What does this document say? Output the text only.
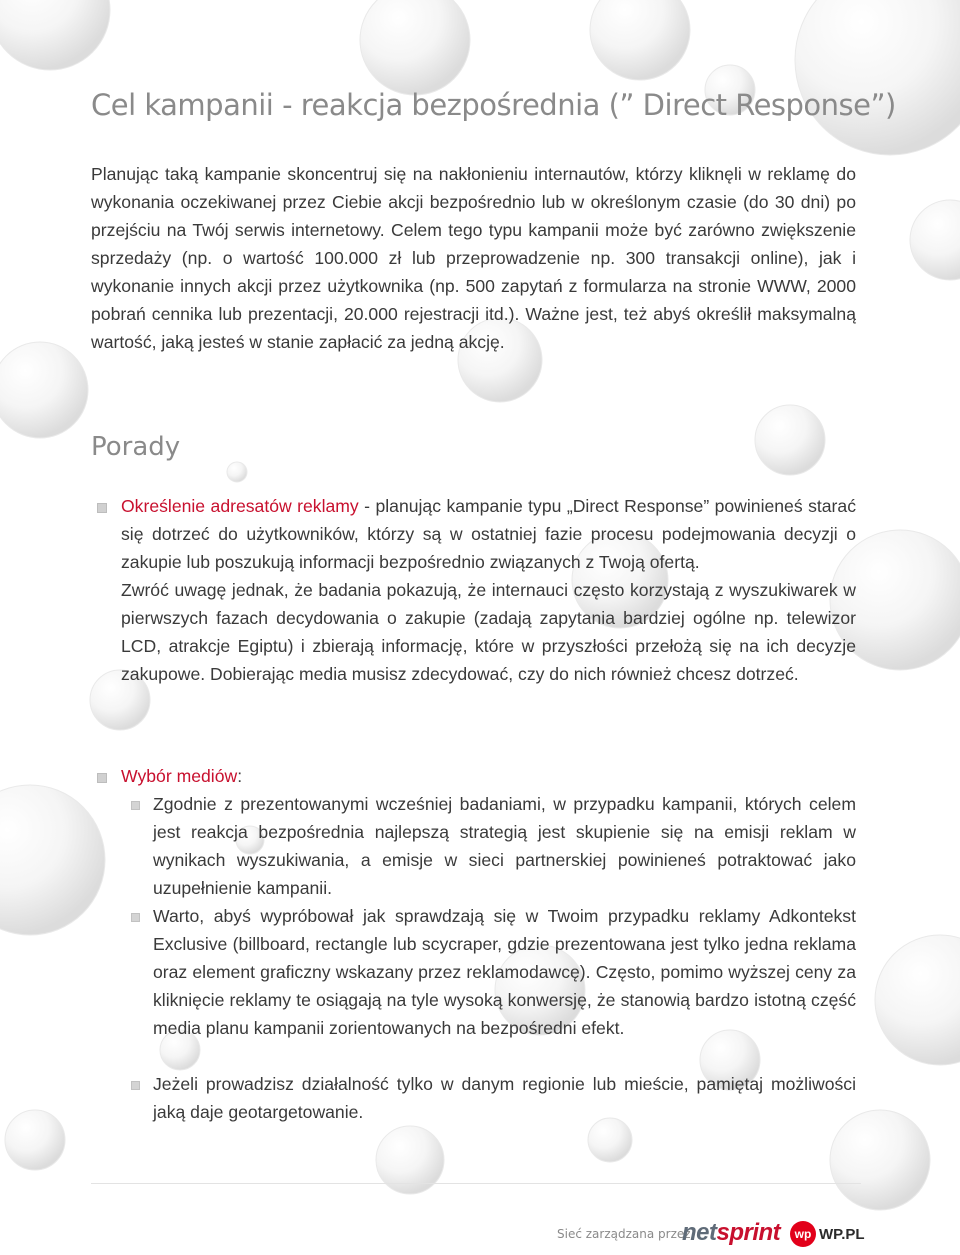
Cel kampanii - reakcja bezpośrednia (” Direct Response”)

Planując taką kampanie skoncentruj się na nakłonieniu internautów, którzy kliknęli w reklamę do wykonania oczekiwanej przez Ciebie akcji bezpośrednio lub w określonym czasie (do 30 dni) po przejściu na Twój serwis internetowy. Celem tego typu kampanii może być zarówno zwiększenie sprzedaży (np. o wartość 100.000 zł lub przeprowadzenie np. 300 transakcji online), jak i wykonanie innych akcji przez użytkownika (np. 500 zapytań z formularza na stronie WWW, 2000 pobrań cennika lub prezentacji, 20.000 rejestracji itd.). Ważne jest, też abyś określił maksymalną wartość, jaką jesteś w stanie zapłacić za jedną akcję.

Porady

Określenie adresatów reklamy - planując kampanie typu „Direct Response” powinieneś starać się dotrzeć do użytkowników, którzy są w ostatniej fazie procesu podejmowania decyzji o zakupie lub poszukują informacji bezpośrednio związanych z Twoją ofertą.

Zwróć uwagę jednak, że badania pokazują, że internauci często korzystają z wyszukiwarek w pierwszych fazach decydowania o zakupie (zadają zapytania bardziej ogólne np. telewizor LCD, atrakcje Egiptu) i zbierają informację, które w przyszłości przełożą się na ich decyzje zakupowe. Dobierając media musisz zdecydować, czy do nich również chcesz dotrzeć.

Wybór mediów:

Zgodnie z prezentowanymi wcześniej badaniami, w przypadku kampanii, których celem jest reakcja bezpośrednia najlepszą strategią jest skupienie się na emisji reklam w wynikach wyszukiwania, a emisje w sieci partnerskiej powinieneś potraktować jako uzupełnienie kampanii.

Warto, abyś wypróbował jak sprawdzają się w Twoim przypadku reklamy Adkontekst Exclusive (billboard, rectangle lub scycraper, gdzie prezentowana jest tylko jedna reklama oraz element graficzny wskazany przez reklamodawcę). Często, pomimo wyższej ceny za kliknięcie reklamy te osiągają na tyle wysoką konwersję, że stanowią bardzo istotną część media planu kampanii zorientowanych na bezpośredni efekt.

Jeżeli prowadzisz działalność tylko w danym regionie lub mieście, pamiętaj możliwości jaką daje geotargetowanie.

Sieć zarządzana przez
netsprint	wp WP.PL
